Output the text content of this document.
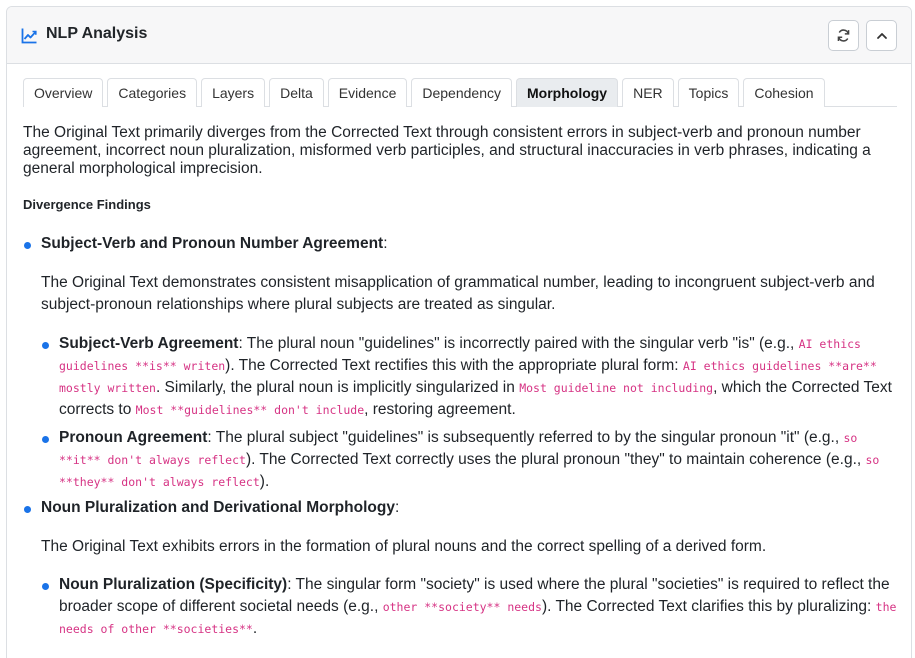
NLP Analysis
Overview	Categories	Layers	Delta	Evidence	Dependency	Morphology	NER	Topics	Cohesion

The Original Text primarily diverges from the Corrected Text through consistent errors in subject-verb and pronoun number agreement, incorrect noun pluralization, misformed verb participles, and structural inaccuracies in verb phrases, indicating a general morphological imprecision.

Divergence Findings
Subject-Verb and Pronoun Number Agreement:

The Original Text demonstrates consistent misapplication of grammatical number, leading to incongruent subject-verb and subject-pronoun relationships where plural subjects are treated as singular.

Subject-Verb Agreement: The plural noun "guidelines" is incorrectly paired with the singular verb "is" (e.g., AI ethics guidelines **is** writen). The Corrected Text rectifies this with the appropriate plural form: AI ethics guidelines **are** mostly written. Similarly, the plural noun is implicitly singularized in Most guideline not including, which the Corrected Text corrects to Most **guidelines** don't include, restoring agreement.

Pronoun Agreement: The plural subject "guidelines" is subsequently referred to by the singular pronoun "it" (e.g., so **it** don't always reflect). The Corrected Text correctly uses the plural pronoun "they" to maintain coherence (e.g., so **they** don't always reflect).

Noun Pluralization and Derivational Morphology:

The Original Text exhibits errors in the formation of plural nouns and the correct spelling of a derived form.

Noun Pluralization (Specificity): The singular form "society" is used where the plural "societies" is required to reflect the broader scope of different societal needs (e.g., other **society** needs). The Corrected Text clarifies this by pluralizing: the needs of other **societies**.
